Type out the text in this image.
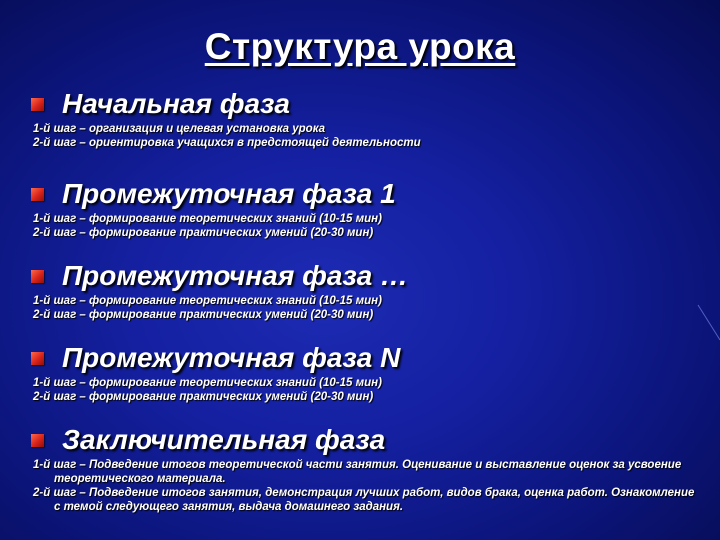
Структура урока
Начальная фаза
1-й шаг – организация и целевая установка урока
2-й шаг – ориентировка учащихся в предстоящей деятельности
Промежуточная фаза 1
1-й шаг – формирование теоретических знаний (10-15 мин)
2-й шаг – формирование практических умений (20-30 мин)
Промежуточная фаза …
1-й шаг – формирование теоретических знаний (10-15 мин)
2-й шаг – формирование практических умений (20-30 мин)
Промежуточная фаза N
1-й шаг – формирование теоретических знаний (10-15 мин)
2-й шаг – формирование практических умений (20-30 мин)
Заключительная фаза
1-й шаг – Подведение итогов теоретической части занятия. Оценивание и выставление оценок за усвоение теоретического материала.
2-й шаг – Подведение итогов занятия, демонстрация лучших работ, видов брака, оценка работ. Ознакомление с темой следующего занятия, выдача домашнего задания.
